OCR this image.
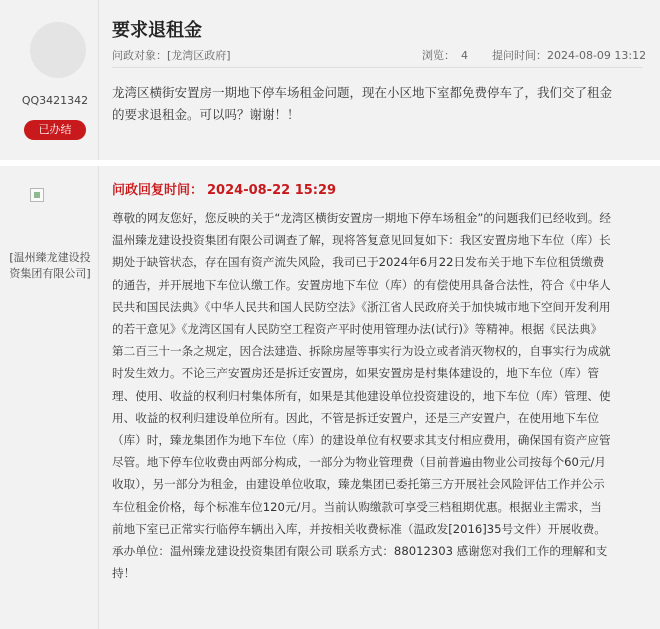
QQ3421342
已办结
要求退租金
问政对象：[龙湾区政府]	浏览： 4 提问时间：2024-08-09 13:12
龙湾区横街安置房一期地下停车场租金问题，现在小区地下室都免费停车了，我们交了租金的要求退租金。可以吗？谢谢！！
[温州臻龙建设投资集团有限公司]
问政回复时间： 2024-08-22 15:29
尊敬的网友您好，您反映的关于“龙湾区横街安置房一期地下停车场租金”的问题我们已经收到。经温州臻龙建设投资集团有限公司调查了解，现将答复意见回复如下：我区安置房地下车位（库）长期处于缺管状态，存在国有资产流失风险，我司已于2024年6月22日发布关于地下车位租赁缴费的通告，并开展地下车位认缴工作。安置房地下车位（库）的有偿使用具备合法性，符合《中华人民共和国民法典》《中华人民共和国人民防空法》《浙江省人民政府关于加快城市地下空间开发利用的若干意见》《龙湾区国有人民防空工程资产平时使用管理办法(试行)》等精神。根据《民法典》第二百三十一条之规定，因合法建造、拆除房屋等事实行为设立或者消灭物权的，自事实行为成就时发生效力。不论三产安置房还是拆迁安置房，如果安置房是村集体建设的，地下车位（库）管理、使用、收益的权利归村集体所有，如果是其他建设单位投资建设的，地下车位（库）管理、使用、收益的权利归建设单位所有。因此，不管是拆迁安置户，还是三产安置户，在使用地下车位（库）时，臻龙集团作为地下车位（库）的建设单位有权要求其支付相应费用，确保国有资产应管尽管。地下停车位收费由两部分构成，一部分为物业管理费（目前普遍由物业公司按每个60元/月收取），另一部分为租金，由建设单位收取，臻龙集团已委托第三方开展社会风险评估工作并公示车位租金价格，每个标准车位120元/月。当前认购缴款可享受三档租期优惠。根据业主需求，当前地下室已正常实行临停车辆出入库，并按相关收费标准（温政发[2016]35号文件）开展收费。承办单位：温州臻龙建设投资集团有限公司 联系方式：88012303 感谢您对我们工作的理解和支持！
